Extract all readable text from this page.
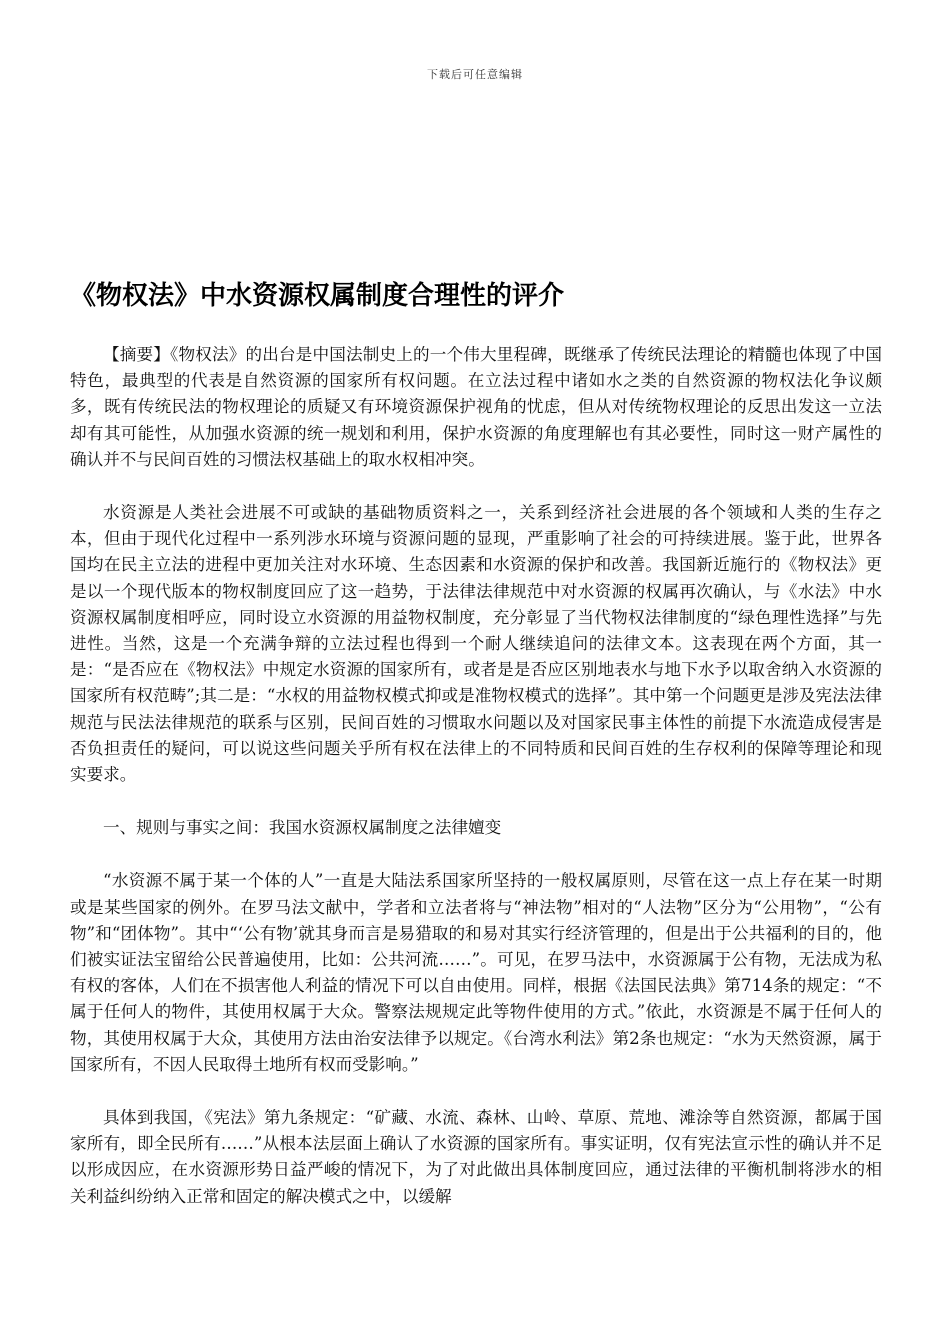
下载后可任意编辑
《物权法》中水资源权属制度合理性的评介

【摘要】《物权法》的出台是中国法制史上的一个伟大里程碑，既继承了传统民法理论的精髓也体现了中国特色，最典型的代表是自然资源的国家所有权问题。在立法过程中诸如水之类的自然资源的物权法化争议颇多，既有传统民法的物权理论的质疑又有环境资源保护视角的忧虑，但从对传统物权理论的反思出发这一立法却有其可能性，从加强水资源的统一规划和利用，保护水资源的角度理解也有其必要性，同时这一财产属性的确认并不与民间百姓的习惯法权基础上的取水权相冲突。

水资源是人类社会进展不可或缺的基础物质资料之一，关系到经济社会进展的各个领域和人类的生存之本，但由于现代化过程中一系列涉水环境与资源问题的显现，严重影响了社会的可持续进展。鉴于此，世界各国均在民主立法的进程中更加关注对水环境、生态因素和水资源的保护和改善。我国新近施行的《物权法》更是以一个现代版本的物权制度回应了这一趋势，于法律法律规范中对水资源的权属再次确认，与《水法》中水资源权属制度相呼应，同时设立水资源的用益物权制度，充分彰显了当代物权法律制度的“绿色理性选择”与先进性。当然，这是一个充满争辩的立法过程也得到一个耐人继续追问的法律文本。这表现在两个方面，其一是：“是否应在《物权法》中规定水资源的国家所有，或者是是否应区别地表水与地下水予以取舍纳入水资源的国家所有权范畴”;其二是：“水权的用益物权模式抑或是准物权模式的选择”。其中第一个问题更是涉及宪法法律规范与民法法律规范的联系与区别，民间百姓的习惯取水问题以及对国家民事主体性的前提下水流造成侵害是否负担责任的疑问，可以说这些问题关乎所有权在法律上的不同特质和民间百姓的生存权利的保障等理论和现实要求。

一、规则与事实之间：我国水资源权属制度之法律嬗变

“水资源不属于某一个体的人”一直是大陆法系国家所坚持的一般权属原则，尽管在这一点上存在某一时期或是某些国家的例外。在罗马法文献中，学者和立法者将与“神法物”相对的“人法物”区分为“公用物”，“公有物”和“团体物”。其中“‘公有物’就其身而言是易猎取的和易对其实行经济管理的，但是出于公共福利的目的，他们被实证法宝留给公民普遍使用，比如：公共河流……”。可见，在罗马法中，水资源属于公有物，无法成为私有权的客体，人们在不损害他人利益的情况下可以自由使用。同样，根据《法国民法典》第714条的规定：“不属于任何人的物件，其使用权属于大众。警察法规规定此等物件使用的方式。”依此，水资源是不属于任何人的物，其使用权属于大众，其使用方法由治安法律予以规定。《台湾水利法》第2条也规定：“水为天然资源，属于国家所有，不因人民取得土地所有权而受影响。”

具体到我国，《宪法》第九条规定：“矿藏、水流、森林、山岭、草原、荒地、滩涂等自然资源，都属于国家所有，即全民所有……”从根本法层面上确认了水资源的国家所有。事实证明，仅有宪法宣示性的确认并不足以形成因应，在水资源形势日益严峻的情况下，为了对此做出具体制度回应，通过法律的平衡机制将涉水的相关利益纠纷纳入正常和固定的解决模式之中，以缓解
